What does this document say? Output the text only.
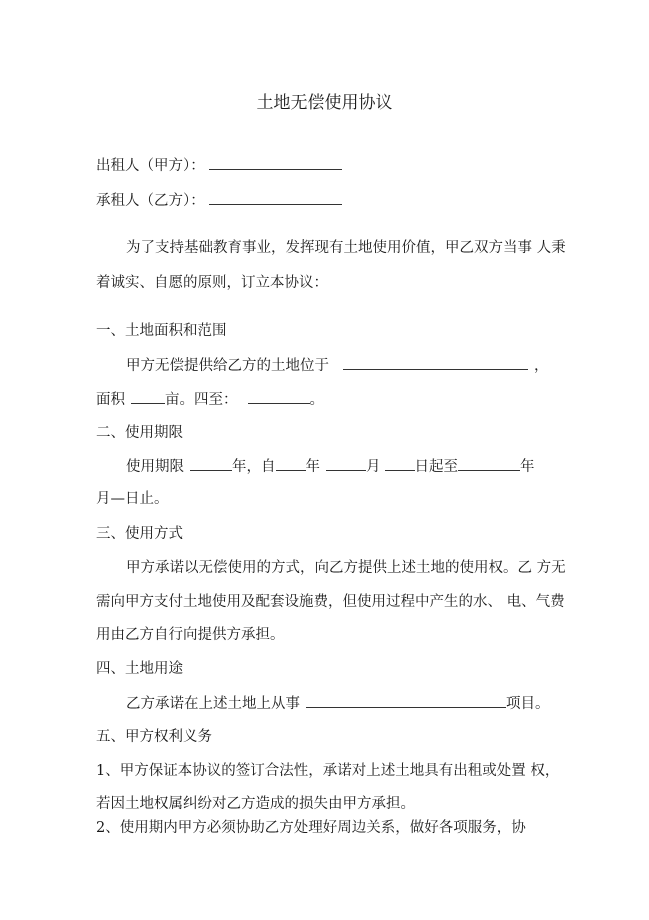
土地无偿使用协议
出租人（甲方）：
承租人（乙方）：
为了支持基础教育事业，发挥现有土地使用价值，甲乙双方当事 人秉
着诚实、自愿的原则，订立本协议：
一、土地面积和范围
甲方无偿提供给乙方的土地位于	，
面积	亩。四至：	。
二、使用期限
使用期限	年，自 年	月 日起至	年
月—日止。
三、使用方式
甲方承诺以无偿使用的方式，向乙方提供上述土地的使用权。乙 方无
需向甲方支付土地使用及配套设施费，但使用过程中产生的水、 电、气费
用由乙方自行向提供方承担。
四、土地用途
乙方承诺在上述土地上从事	项目。
五、甲方权利义务
1、甲方保证本协议的签订合法性，承诺对上述土地具有出租或处置 权，
若因土地权属纠纷对乙方造成的损失由甲方承担。
2、使用期内甲方必须协助乙方处理好周边关系，做好各项服务，协
